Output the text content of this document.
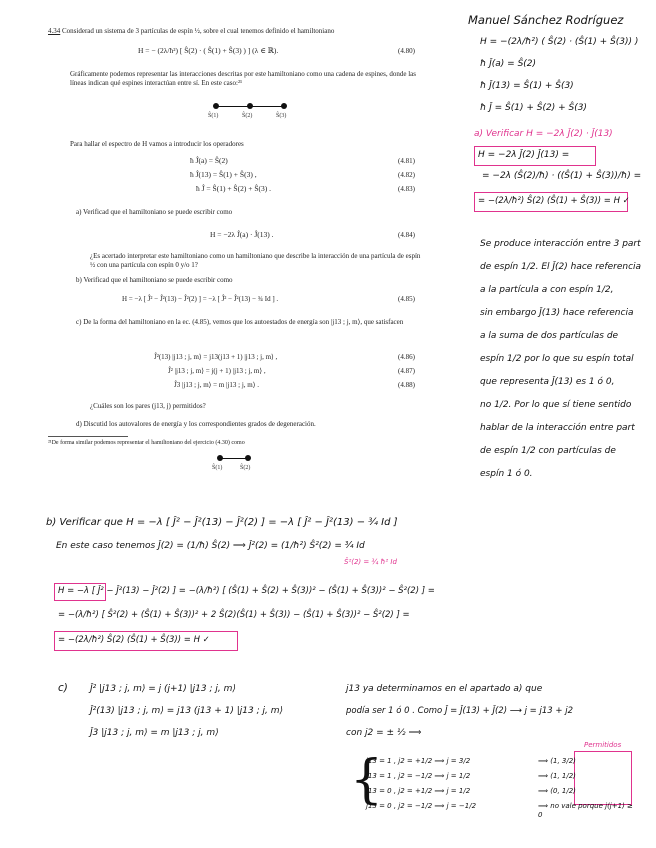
4.34 Considerad un sistema de 3 partículas de espín ½, sobre el cual tenemos definido el hamiltoniano
H = − (2λ/ħ²) [ Ŝ(2) · ( Ŝ(1) + Ŝ(3) ) ] (λ ∈ ℝ).	(4.80)
Gráficamente podemos representar las interacciones descritas por este hamiltoniano como una cadena de espines, donde las líneas indican qué espines interactúan entre sí. En este caso:²¹
Ŝ(1)	Ŝ(2)	Ŝ(3)
Para hallar el espectro de H vamos a introducir los operadores
ħ Ĵ(a) = Ŝ(2)	(4.81)
ħ Ĵ(13) = Ŝ(1) + Ŝ(3) ,	(4.82)
ħ Ĵ = Ŝ(1) + Ŝ(2) + Ŝ(3) .	(4.83)
a) Verificad que el hamiltoniano se puede escribir como
H = −2λ Ĵ(a) · Ĵ(13) .	(4.84)
¿Es acertado interpretar este hamiltoniano como un hamiltoniano que describe la interacción de una partícula de espín ½ con una partícula con espín 0 y/o 1?
b) Verificad que el hamiltoniano se puede escribir como
H = −λ [ Ĵ² − Ĵ²(13) − Ĵ²(2) ] = −λ [ Ĵ² − Ĵ²(13) − ¾ Id ] .	(4.85)
c) De la forma del hamiltoniano en la ec. (4.85), vemos que los autoestados de energía son |j13 ; j, m⟩, que satisfacen
Ĵ²(13) |j13 ; j, m⟩ = j13(j13 + 1) |j13 ; j, m⟩ ,	(4.86)
Ĵ² |j13 ; j, m⟩ = j(j + 1) |j13 ; j, m⟩ ,	(4.87)
Ĵ3 |j13 ; j, m⟩ = m |j13 ; j, m⟩ .	(4.88)
¿Cuáles son los pares (j13, j) permitidos?
d) Discutid los autovalores de energía y los correspondientes grados de degeneración.
²¹De forma similar podemos representar el hamiltoniano del ejercicio (4.30) como
Ŝ(1)	Ŝ(2)
Manuel Sánchez Rodríguez
H = −(2λ/ħ²) ( Ŝ(2) · (Ŝ(1) + Ŝ(3)) )
ħ Ĵ(a) = Ŝ(2)
ħ Ĵ(13) = Ŝ(1) + Ŝ(3)
ħ Ĵ = Ŝ(1) + Ŝ(2) + Ŝ(3)
a) Verificar H = −2λ Ĵ(2) · Ĵ(13)
H = −2λ Ĵ(2) Ĵ(13) =
= −2λ (Ŝ(2)/ħ) · ((Ŝ(1) + Ŝ(3))/ħ) =
= −(2λ/ħ²) Ŝ(2) (Ŝ(1) + Ŝ(3)) = H ✓
Se produce interacción entre 3 part
de espín 1/2. El Ĵ(2) hace referencia
a la partícula a con espín 1/2,
sin embargo Ĵ(13) hace referencia
a la suma de dos partículas de
espín 1/2 por lo que su espín total
que representa Ĵ(13) es 1 ó 0,
no 1/2. Por lo que sí tiene sentido
hablar de la interacción entre part
de espín 1/2 con partículas de
espín 1 ó 0.
b) Verificar que H = −λ [ Ĵ² − Ĵ²(13) − Ĵ²(2) ] = −λ [ Ĵ² − Ĵ²(13) − ¾ Id ]
En este caso tenemos Ĵ(2) = (1/ħ) Ŝ(2) ⟹ Ĵ²(2) = (1/ħ²) Ŝ²(2) = ¾ Id
Ŝ²(2) = ¾ ħ² Id
H = −λ [ Ĵ² − Ĵ²(13) − Ĵ²(2) ] = −(λ/ħ²) [ (Ŝ(1) + Ŝ(2) + Ŝ(3))² − (Ŝ(1) + Ŝ(3))² − Ŝ²(2) ] =
= −(λ/ħ²) [ Ŝ²(2) + (Ŝ(1) + Ŝ(3))² + 2 Ŝ(2)(Ŝ(1) + Ŝ(3)) − (Ŝ(1) + Ŝ(3))² − Ŝ²(2) ] =
= −(2λ/ħ²) Ŝ(2) (Ŝ(1) + Ŝ(3)) = H ✓
c) Ĵ² |j13 ; j, m⟩ = j (j+1) |j13 ; j, m⟩
Ĵ²(13) |j13 ; j, m⟩ = j13 (j13 + 1) |j13 ; j, m⟩
Ĵ3 |j13 ; j, m⟩ = m |j13 ; j, m⟩
j13 ya determinamos en el apartado a) que
podía ser 1 ó 0 . Como Ĵ = Ĵ(13) + Ĵ(2) ⟶ j = j13 + j2
con j2 = ± ½ ⟹
Permitidos
{
j13 = 1 , j2 = +1/2 ⟹ j = 3/2	⟹ (1, 3/2)
j13 = 1 , j2 = −1/2 ⟹ j = 1/2	⟹ (1, 1/2)
j13 = 0 , j2 = +1/2 ⟹ j = 1/2	⟹ (0, 1/2)
j13 = 0 , j2 = −1/2 ⟹ j = −1/2	⟹ no vale porque j(j+1) ≥ 0
